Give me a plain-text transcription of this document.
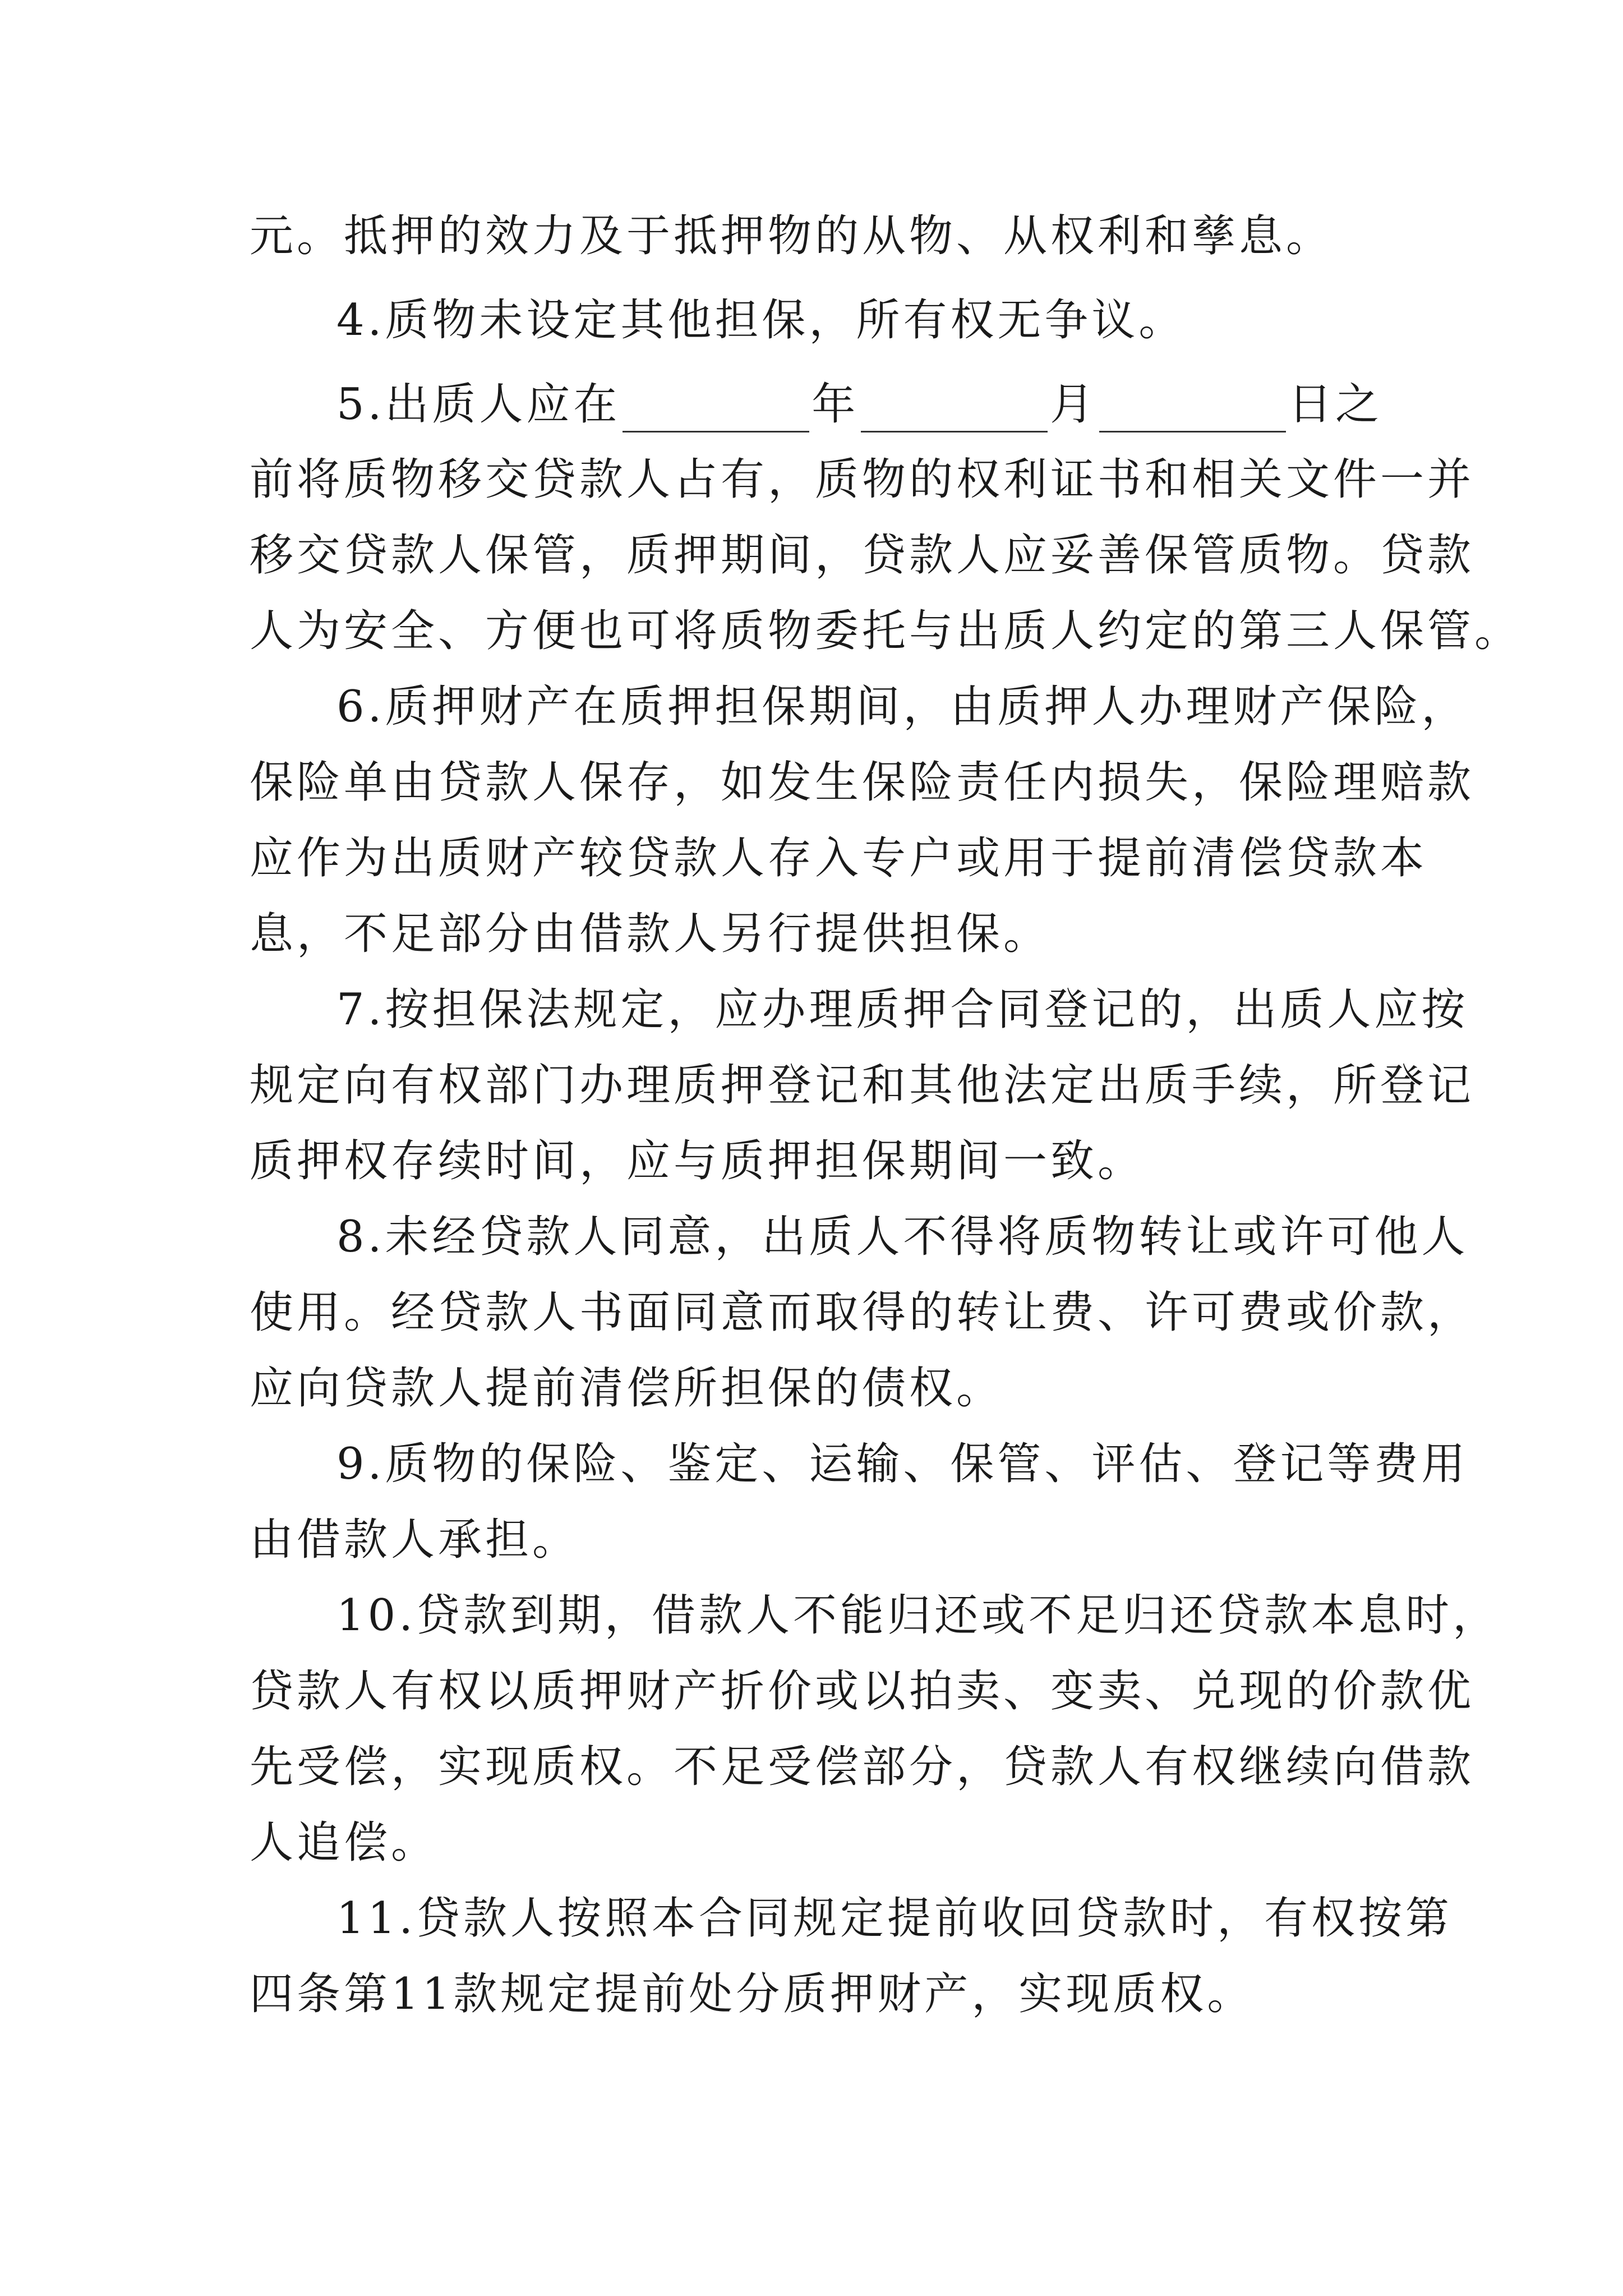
元。抵押的效力及于抵押物的从物、从权利和孳息。
4.质物未设定其他担保，所有权无争议。
5.出质人应在	年	月	日之
前将质物移交贷款人占有，质物的权利证书和相关文件一并
移交贷款人保管，质押期间，贷款人应妥善保管质物。贷款
人为安全、方便也可将质物委托与出质人约定的第三人保管。
6.质押财产在质押担保期间，由质押人办理财产保险，
保险单由贷款人保存，如发生保险责任内损失，保险理赔款
应作为出质财产较贷款人存入专户或用于提前清偿贷款本
息，不足部分由借款人另行提供担保。
7.按担保法规定，应办理质押合同登记的，出质人应按
规定向有权部门办理质押登记和其他法定出质手续，所登记
质押权存续时间，应与质押担保期间一致。
8.未经贷款人同意，出质人不得将质物转让或许可他人
使用。经贷款人书面同意而取得的转让费、许可费或价款，
应向贷款人提前清偿所担保的债权。
9.质物的保险、鉴定、运输、保管、评估、登记等费用
由借款人承担。
10.贷款到期，借款人不能归还或不足归还贷款本息时，
贷款人有权以质押财产折价或以拍卖、变卖、兑现的价款优
先受偿，实现质权。不足受偿部分，贷款人有权继续向借款
人追偿。
11.贷款人按照本合同规定提前收回贷款时，有权按第
四条第11款规定提前处分质押财产，实现质权。
